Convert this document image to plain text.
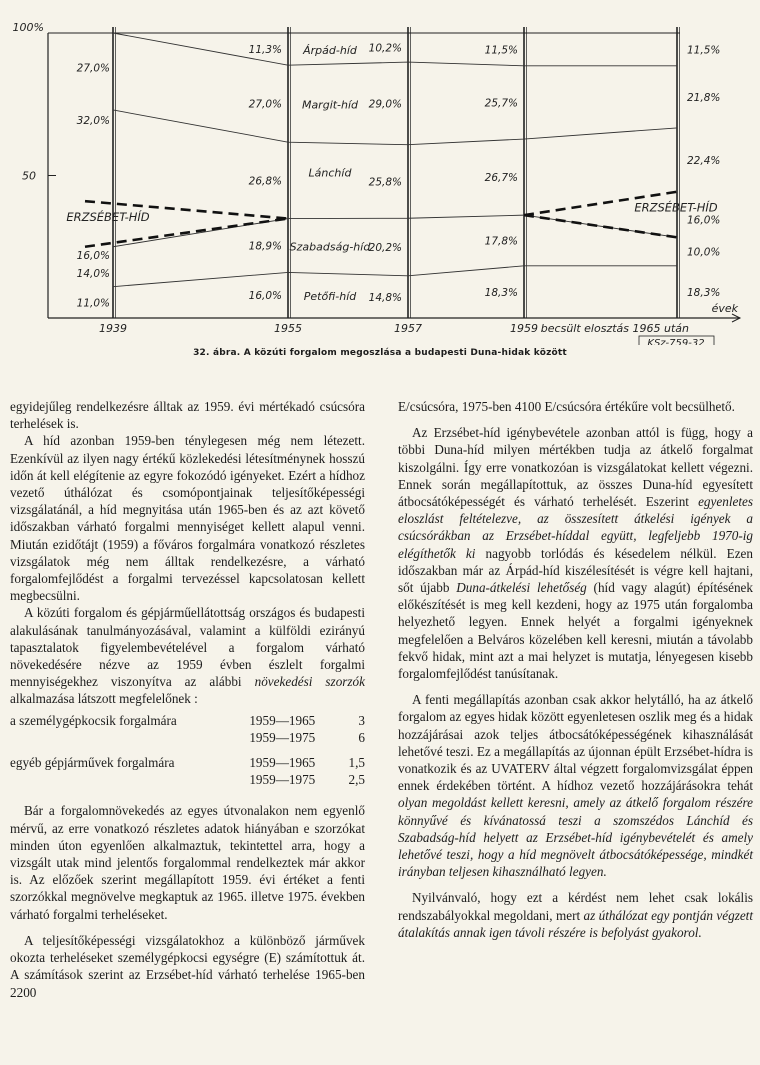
100%
50
1939	1955	1957	1959 becsült elosztás 1965 után
évek
KSz-759-32
Árpád-híd
Margit-híd
Lánchíd
Szabadság-híd
Petőfi-híd
ERZSÉBET-HÍD
ERZSÉBET-HÍD
27,0%
32,0%
16,0%
14,0%
11,0%
11,3%
27,0%
26,8%
18,9%
16,0%
10,2%
29,0%
25,8%
20,2%
14,8%
11,5%
25,7%
26,7%
17,8%
18,3%
11,5%
21,8%
22,4%
16,0%
10,0%
18,3%
32. ábra. A közúti forgalom megoszlása a budapesti Duna-hidak között

egyidejűleg rendelkezésre álltak az 1959. évi mértékadó csúcsóra terhelések is.

A híd azonban 1959-ben ténylegesen még nem létezett. Ezenkívül az ilyen nagy értékű közlekedési létesítménynek hosszú időn át kell elégítenie az egyre fokozódó igényeket. Ezért a hídhoz vezető úthálózat és csomópontjainak teljesítőképességi vizsgálatánál, a híd megnyitása után 1965-ben és az azt követő időszakban várható forgalmi mennyiséget kellett alapul venni. Miután ezidőtájt (1959) a főváros forgalmára vonatkozó részletes vizsgálatok még nem álltak rendelkezésre, a várható forgalomfejlődést a forgalmi tervezéssel kapcsolatosan kellett megbecsülni.

A közúti forgalom és gépjárműellátottság országos és budapesti alakulásának tanulmányozásával, valamint a külföldi ezirányú tapasztalatok figyelembevételével a forgalom várható növekedésére nézve az 1959 évben észlelt forgalmi mennyiségekhez viszonyítva az alábbi növekedési szorzók alkalmazása látszott megfelelőnek :

a személygépkocsik forgalmára	1959—1965	3
	1959—1975	6
egyéb gépjárművek forgalmára	1959—1965	1,5
	1959—1975	2,5

Bár a forgalomnövekedés az egyes útvonalakon nem egyenlő mérvű, az erre vonatkozó részletes adatok hiányában e szorzókat minden úton egyenlően alkalmaztuk, tekintettel arra, hogy a vizsgált utak mind jelentős forgalommal rendelkeztek már akkor is. Az előzőek szerint megállapított 1959. évi értéket a fenti szorzókkal megnövelve megkaptuk az 1965. illetve 1975. években várható forgalmi terheléseket.

A teljesítőképességi vizsgálatokhoz a különböző járművek okozta terheléseket személygépkocsi egységre (E) számítottuk át. A számítások szerint az Erzsébet-híd várható terhelése 1965-ben 2200

E/csúcsóra, 1975-ben 4100 E/csúcsóra értékűre volt becsülhető.

Az Erzsébet-híd igénybevétele azonban attól is függ, hogy a többi Duna-híd milyen mértékben tudja az átkelő forgalmat kiszolgálni. Így erre vonatkozóan is vizsgálatokat kellett végezni. Ennek során megállapítottuk, az összes Duna-híd egyesített átbocsátóképességét és várható terhelését. Eszerint egyenletes eloszlást feltételezve, az összesített átkelési igények a csúcsórákban az Erzsébet-híddal együtt, legfeljebb 1970-ig elégíthetők ki nagyobb torlódás és késedelem nélkül. Ezen időszakban már az Árpád-híd kiszélesítését is végre kell hajtani, sőt újabb Duna-átkelési lehetőség (híd vagy alagút) építésének előkészítését is meg kell kezdeni, hogy az 1975 után forgalomba helyezhető legyen. Ennek helyét a forgalmi igényeknek megfelelően a Belváros közelében kell keresni, miután a távolabb fekvő hidak, mint azt a mai helyzet is mutatja, lényegesen kisebb forgalomfejlődést tanúsítanak.

A fenti megállapítás azonban csak akkor helytálló, ha az átkelő forgalom az egyes hidak között egyenletesen oszlik meg és a hidak hozzájárásai azok teljes átbocsátóképességének kihasználását lehetővé teszi. Ez a megállapítás az újonnan épült Erzsébet-hídra is vonatkozik és az UVATERV által végzett forgalomvizsgálat éppen ennek érdekében történt. A hídhoz vezető hozzájárásokra tehát olyan megoldást kellett keresni, amely az átkelő forgalom részére könnyűvé és kívánatossá teszi a szomszédos Lánchíd és Szabadság-híd helyett az Erzsébet-híd igénybevételét és amely lehetővé teszi, hogy a híd megnövelt átbocsátóképessége, mindkét irányban teljesen kihasználható legyen.

Nyilvánvaló, hogy ezt a kérdést nem lehet csak lokális rendszabályokkal megoldani, mert az úthálózat egy pontján végzett átalakítás annak igen távoli részére is befolyást gyakorol.
